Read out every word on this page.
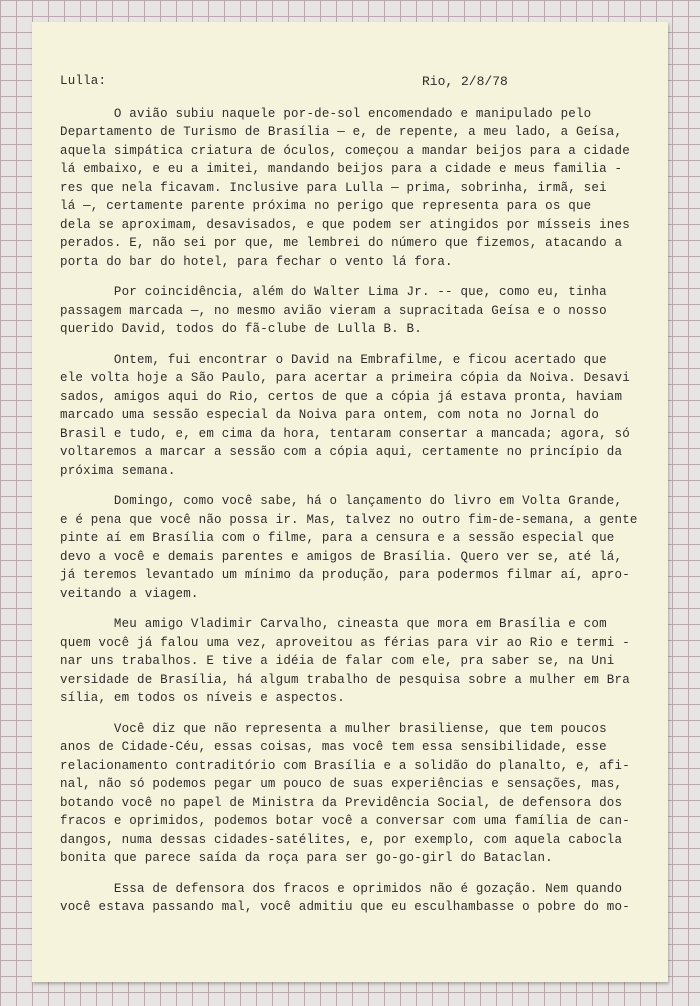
Rio, 2/8/78
Lulla:
O avião subiu naquele por-de-sol encomendado e manipulado pelo
Departamento de Turismo de Brasília — e, de repente, a meu lado, a Geísa,
aquela simpática criatura de óculos, começou a mandar beijos para a cidade
lá embaixo, e eu a imitei, mandando beijos para a cidade e meus familia -
res que nela ficavam. Inclusive para Lulla — prima, sobrinha, irmã, sei
lá —, certamente parente próxima no perigo que representa para os que
dela se aproximam, desavisados, e que podem ser atingidos por mísseis ines
perados. E, não sei por que, me lembrei do número que fizemos, atacando a
porta do bar do hotel, para fechar o vento lá fora.
Por coincidência, além do Walter Lima Jr. -- que, como eu, tinha
passagem marcada —, no mesmo avião vieram a supracitada Geísa e o nosso
querido David, todos do fã-clube de Lulla B. B.
Ontem, fui encontrar o David na Embrafilme, e ficou acertado que
ele volta hoje a São Paulo, para acertar a primeira cópia da Noiva. Desavi
sados, amigos aqui do Rio, certos de que a cópia já estava pronta, haviam
marcado uma sessão especial da Noiva para ontem, com nota no Jornal do
Brasil e tudo, e, em cima da hora, tentaram consertar a mancada; agora, só
voltaremos a marcar a sessão com a cópia aqui, certamente no princípio da
próxima semana.
Domingo, como você sabe, há o lançamento do livro em Volta Grande,
e é pena que você não possa ir. Mas, talvez no outro fim-de-semana, a gente
pinte aí em Brasília com o filme, para a censura e a sessão especial que
devo a você e demais parentes e amigos de Brasília. Quero ver se, até lá,
já teremos levantado um mínimo da produção, para podermos filmar aí, apro-
veitando a viagem.
Meu amigo Vladimir Carvalho, cineasta que mora em Brasília e com
quem você já falou uma vez, aproveitou as férias para vir ao Rio e termi -
nar uns trabalhos. E tive a idéia de falar com ele, pra saber se, na Uni
versidade de Brasília, há algum trabalho de pesquisa sobre a mulher em Bra
sília, em todos os níveis e aspectos.
Você diz que não representa a mulher brasiliense, que tem poucos
anos de Cidade-Céu, essas coisas, mas você tem essa sensibilidade, esse
relacionamento contraditório com Brasília e a solidão do planalto, e, afi-
nal, não só podemos pegar um pouco de suas experiências e sensações, mas,
botando você no papel de Ministra da Previdência Social, de defensora dos
fracos e oprimidos, podemos botar você a conversar com uma família de can-
dangos, numa dessas cidades-satélites, e, por exemplo, com aquela cabocla
bonita que parece saída da roça para ser go-go-girl do Bataclan.
Essa de defensora dos fracos e oprimidos não é gozação. Nem quando
você estava passando mal, você admitiu que eu esculhambasse o pobre do mo-
